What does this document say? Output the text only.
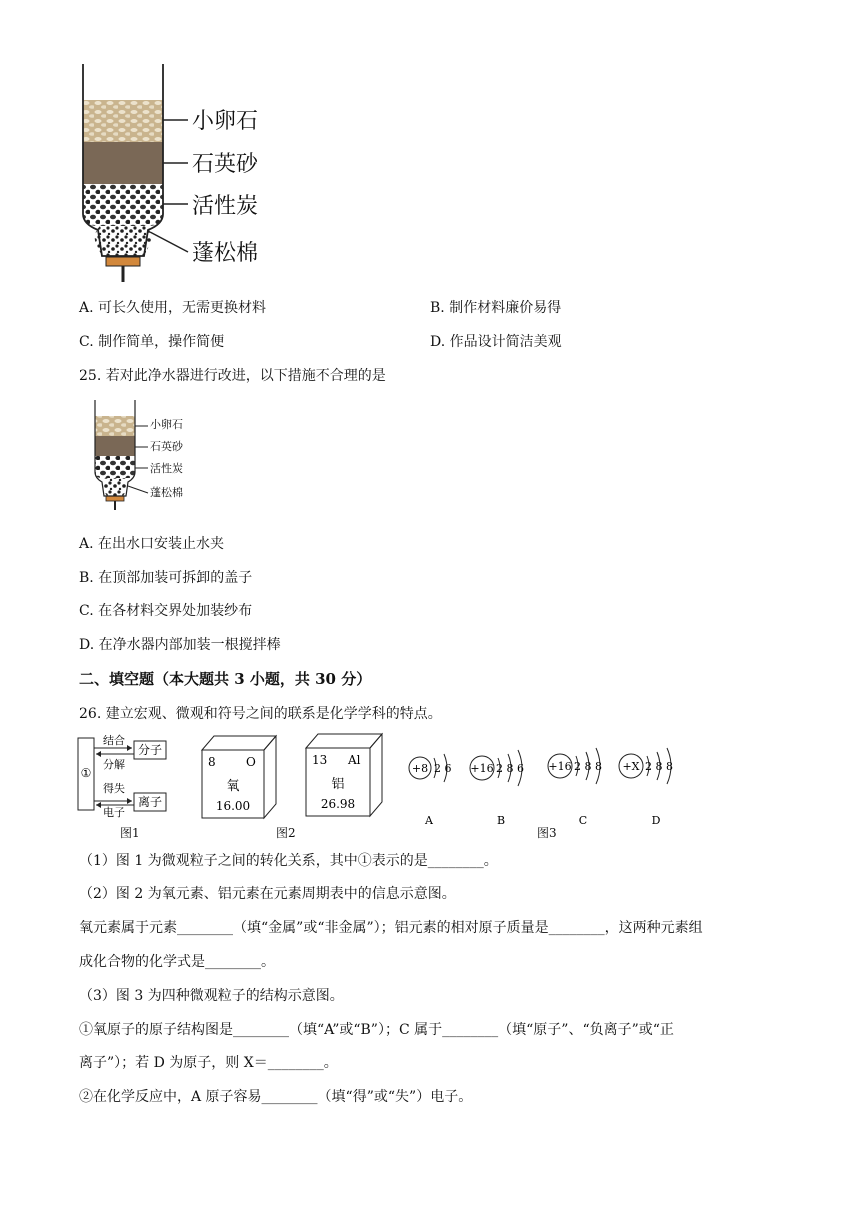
小卵石
石英砂
活性炭
蓬松棉
A. 可长久使用，无需更换材料	B. 制作材料廉价易得
C. 制作简单，操作简便	D. 作品设计简洁美观
25. 若对此净水器进行改进，以下措施不合理的是
小卵石
石英砂
活性炭
蓬松棉
A. 在出水口安装止水夹
B. 在顶部加装可拆卸的盖子
C. 在各材料交界处加装纱布
D. 在净水器内部加装一根搅拌棒
二、填空题（本大题共 3 小题，共 30 分）
26. 建立宏观、微观和符号之间的联系是化学学科的特点。
①
分子
离子
结合
分解
得失
电子
图1
8	O
氧
16.00
13 Al
铝
26.98
图2
+8 2 6
A
+16 2 8 6
B
+16 2 8 8
C
+X 2 8 8
D
图3
（1）图 1 为微观粒子之间的转化关系，其中①表示的是________。
（2）图 2 为氧元素、铝元素在元素周期表中的信息示意图。
氧元素属于元素________（填“金属”或“非金属”）；铝元素的相对原子质量是________，这两种元素组
成化合物的化学式是________。
（3）图 3 为四种微观粒子的结构示意图。
①氧原子的原子结构图是________（填“A”或“B”）；C 属于________（填“原子”、“负离子”或“正
离子”）；若 D 为原子，则 X＝________。
②在化学反应中，A 原子容易________（填“得”或“失”）电子。
